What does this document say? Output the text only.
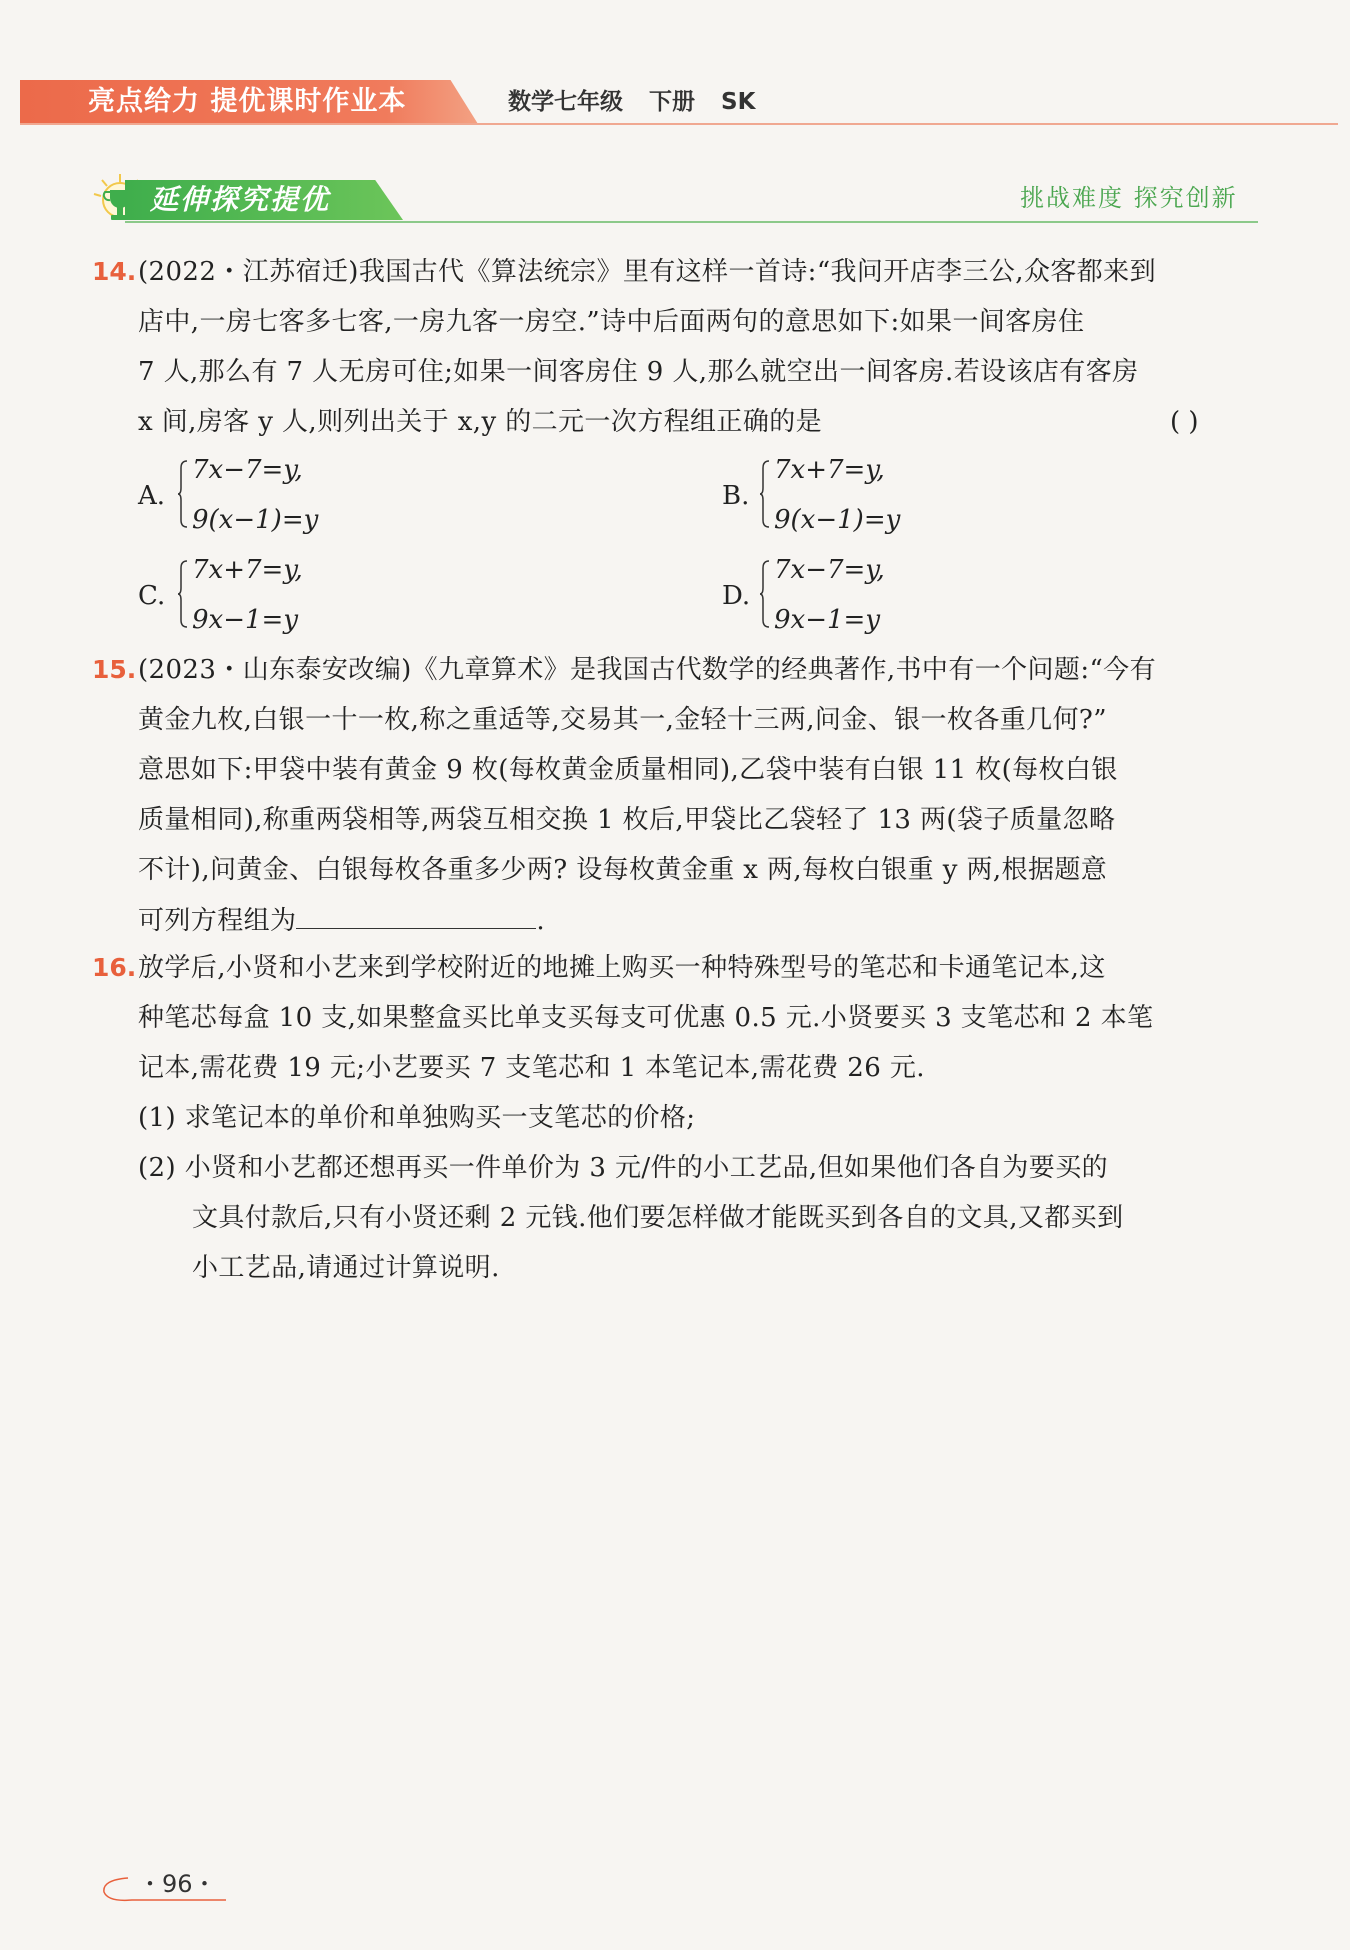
亮点给力 提优课时作业本	数学七年级 下册 SK
延伸探究提优	挑战难度 探究创新
14. (2022・江苏宿迁)我国古代《算法统宗》里有这样一首诗:“我问开店李三公,众客都来到
店中,一房七客多七客,一房九客一房空.”诗中后面两句的意思如下:如果一间客房住
7 人,那么有 7 人无房可住;如果一间客房住 9 人,那么就空出一间客房.若设该店有客房
x 间,房客 y 人,则列出关于 x,y 的二元一次方程组正确的是	( )
A.
7x−7=y,
9(x−1)=y
B.
7x+7=y,
9(x−1)=y
C.
7x+7=y,
9x−1=y
D.
7x−7=y,
9x−1=y
15. (2023・山东泰安改编)《九章算术》是我国古代数学的经典著作,书中有一个问题:“今有
黄金九枚,白银一十一枚,称之重适等,交易其一,金轻十三两,问金、银一枚各重几何?”
意思如下:甲袋中装有黄金 9 枚(每枚黄金质量相同),乙袋中装有白银 11 枚(每枚白银
质量相同),称重两袋相等,两袋互相交换 1 枚后,甲袋比乙袋轻了 13 两(袋子质量忽略
不计),问黄金、白银每枚各重多少两? 设每枚黄金重 x 两,每枚白银重 y 两,根据题意
可列方程组为	.
16. 放学后,小贤和小艺来到学校附近的地摊上购买一种特殊型号的笔芯和卡通笔记本,这
种笔芯每盒 10 支,如果整盒买比单支买每支可优惠 0.5 元.小贤要买 3 支笔芯和 2 本笔
记本,需花费 19 元;小艺要买 7 支笔芯和 1 本笔记本,需花费 26 元.
(1) 求笔记本的单价和单独购买一支笔芯的价格;
(2) 小贤和小艺都还想再买一件单价为 3 元/件的小工艺品,但如果他们各自为要买的
文具付款后,只有小贤还剩 2 元钱.他们要怎样做才能既买到各自的文具,又都买到
小工艺品,请通过计算说明.
・96・
